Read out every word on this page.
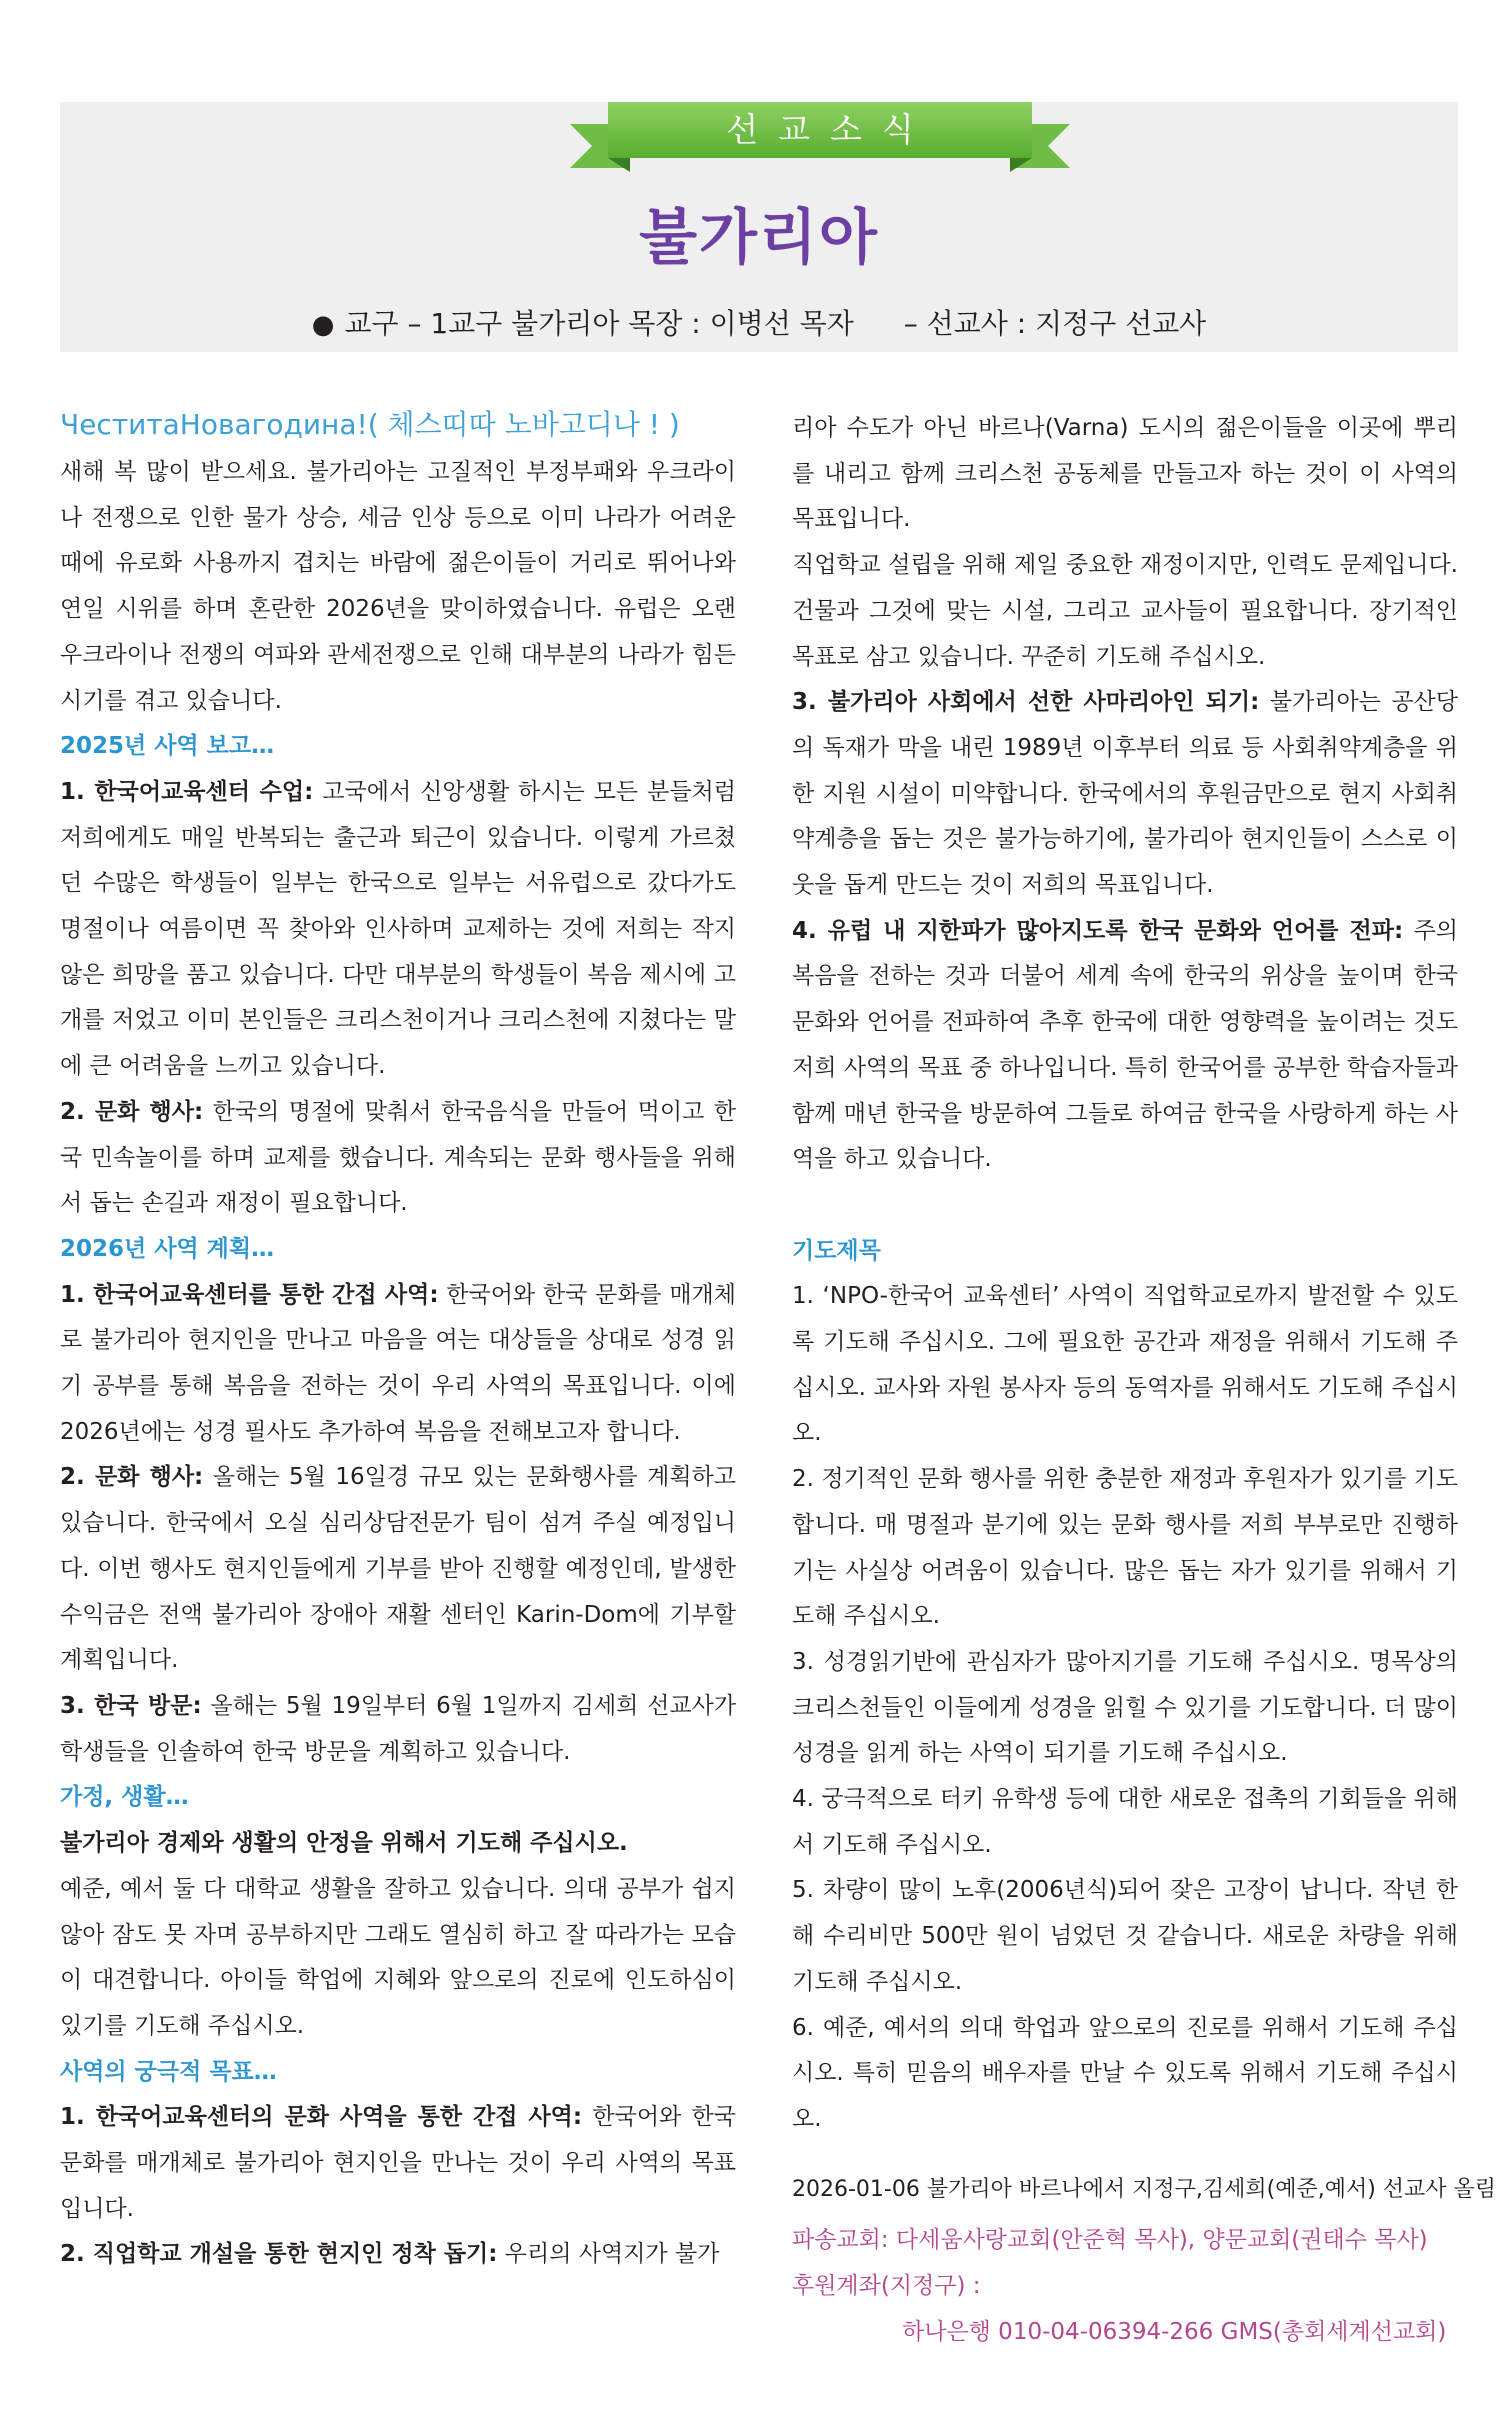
선교소식
불가리아
● 교구 – 1교구 불가리아 목장 : 이병선 목자 – 선교사 : 지정구 선교사

ЧеститаНовагодина!( 체스띠따 노바고디나 ! )

새해 복 많이 받으세요. 불가리아는 고질적인 부정부패와 우크라이나 전쟁으로 인한 물가 상승, 세금 인상 등으로 이미 나라가 어려운 때에 유로화 사용까지 겹치는 바람에 젊은이들이 거리로 뛰어나와 연일 시위를 하며 혼란한 2026년을 맞이하였습니다. 유럽은 오랜 우크라이나 전쟁의 여파와 관세전쟁으로 인해 대부분의 나라가 힘든 시기를 겪고 있습니다.

2025년 사역 보고…

1. 한국어교육센터 수업: 고국에서 신앙생활 하시는 모든 분들처럼 저희에게도 매일 반복되는 출근과 퇴근이 있습니다. 이렇게 가르쳤던 수많은 학생들이 일부는 한국으로 일부는 서유럽으로 갔다가도 명절이나 여름이면 꼭 찾아와 인사하며 교제하는 것에 저희는 작지 않은 희망을 품고 있습니다. 다만 대부분의 학생들이 복음 제시에 고개를 저었고 이미 본인들은 크리스천이거나 크리스천에 지쳤다는 말에 큰 어려움을 느끼고 있습니다.

2. 문화 행사: 한국의 명절에 맞춰서 한국음식을 만들어 먹이고 한국 민속놀이를 하며 교제를 했습니다. 계속되는 문화 행사들을 위해서 돕는 손길과 재정이 필요합니다.

2026년 사역 계획…

1. 한국어교육센터를 통한 간접 사역: 한국어와 한국 문화를 매개체로 불가리아 현지인을 만나고 마음을 여는 대상들을 상대로 성경 읽기 공부를 통해 복음을 전하는 것이 우리 사역의 목표입니다. 이에 2026년에는 성경 필사도 추가하여 복음을 전해보고자 합니다.

2. 문화 행사: 올해는 5월 16일경 규모 있는 문화행사를 계획하고 있습니다. 한국에서 오실 심리상담전문가 팀이 섬겨 주실 예정입니다. 이번 행사도 현지인들에게 기부를 받아 진행할 예정인데, 발생한 수익금은 전액 불가리아 장애아 재활 센터인 Karin-Dom에 기부할 계획입니다.

3. 한국 방문: 올해는 5월 19일부터 6월 1일까지 김세희 선교사가 학생들을 인솔하여 한국 방문을 계획하고 있습니다.

가정, 생활…

불가리아 경제와 생활의 안정을 위해서 기도해 주십시오.

예준, 예서 둘 다 대학교 생활을 잘하고 있습니다. 의대 공부가 쉽지 않아 잠도 못 자며 공부하지만 그래도 열심히 하고 잘 따라가는 모습이 대견합니다. 아이들 학업에 지혜와 앞으로의 진로에 인도하심이 있기를 기도해 주십시오.

사역의 궁극적 목표…

1. 한국어교육센터의 문화 사역을 통한 간접 사역: 한국어와 한국 문화를 매개체로 불가리아 현지인을 만나는 것이 우리 사역의 목표입니다.

2. 직업학교 개설을 통한 현지인 정착 돕기: 우리의 사역지가 불가

리아 수도가 아닌 바르나(Varna) 도시의 젊은이들을 이곳에 뿌리를 내리고 함께 크리스천 공동체를 만들고자 하는 것이 이 사역의 목표입니다.

직업학교 설립을 위해 제일 중요한 재정이지만, 인력도 문제입니다. 건물과 그것에 맞는 시설, 그리고 교사들이 필요합니다. 장기적인 목표로 삼고 있습니다. 꾸준히 기도해 주십시오.

3. 불가리아 사회에서 선한 사마리아인 되기: 불가리아는 공산당의 독재가 막을 내린 1989년 이후부터 의료 등 사회취약계층을 위한 지원 시설이 미약합니다. 한국에서의 후원금만으로 현지 사회취약계층을 돕는 것은 불가능하기에, 불가리아 현지인들이 스스로 이웃을 돕게 만드는 것이 저희의 목표입니다.

4. 유럽 내 지한파가 많아지도록 한국 문화와 언어를 전파: 주의 복음을 전하는 것과 더불어 세계 속에 한국의 위상을 높이며 한국 문화와 언어를 전파하여 추후 한국에 대한 영향력을 높이려는 것도 저희 사역의 목표 중 하나입니다. 특히 한국어를 공부한 학습자들과 함께 매년 한국을 방문하여 그들로 하여금 한국을 사랑하게 하는 사역을 하고 있습니다.

기도제목

1. ‘NPO-한국어 교육센터’ 사역이 직업학교로까지 발전할 수 있도록 기도해 주십시오. 그에 필요한 공간과 재정을 위해서 기도해 주십시오. 교사와 자원 봉사자 등의 동역자를 위해서도 기도해 주십시오.

2. 정기적인 문화 행사를 위한 충분한 재정과 후원자가 있기를 기도합니다. 매 명절과 분기에 있는 문화 행사를 저희 부부로만 진행하기는 사실상 어려움이 있습니다. 많은 돕는 자가 있기를 위해서 기도해 주십시오.

3. 성경읽기반에 관심자가 많아지기를 기도해 주십시오. 명목상의 크리스천들인 이들에게 성경을 읽힐 수 있기를 기도합니다. 더 많이 성경을 읽게 하는 사역이 되기를 기도해 주십시오.

4. 궁극적으로 터키 유학생 등에 대한 새로운 접촉의 기회들을 위해서 기도해 주십시오.

5. 차량이 많이 노후(2006년식)되어 잦은 고장이 납니다. 작년 한 해 수리비만 500만 원이 넘었던 것 같습니다. 새로운 차량을 위해 기도해 주십시오.

6. 예준, 예서의 의대 학업과 앞으로의 진로를 위해서 기도해 주십시오. 특히 믿음의 배우자를 만날 수 있도록 위해서 기도해 주십시오.

2026-01-06 불가리아 바르나에서 지정구,김세희(예준,예서) 선교사 올림

파송교회: 다세움사랑교회(안준혁 목사), 양문교회(권태수 목사)

후원계좌(지정구) :

하나은행 010-04-06394-266 GMS(총회세계선교회)
